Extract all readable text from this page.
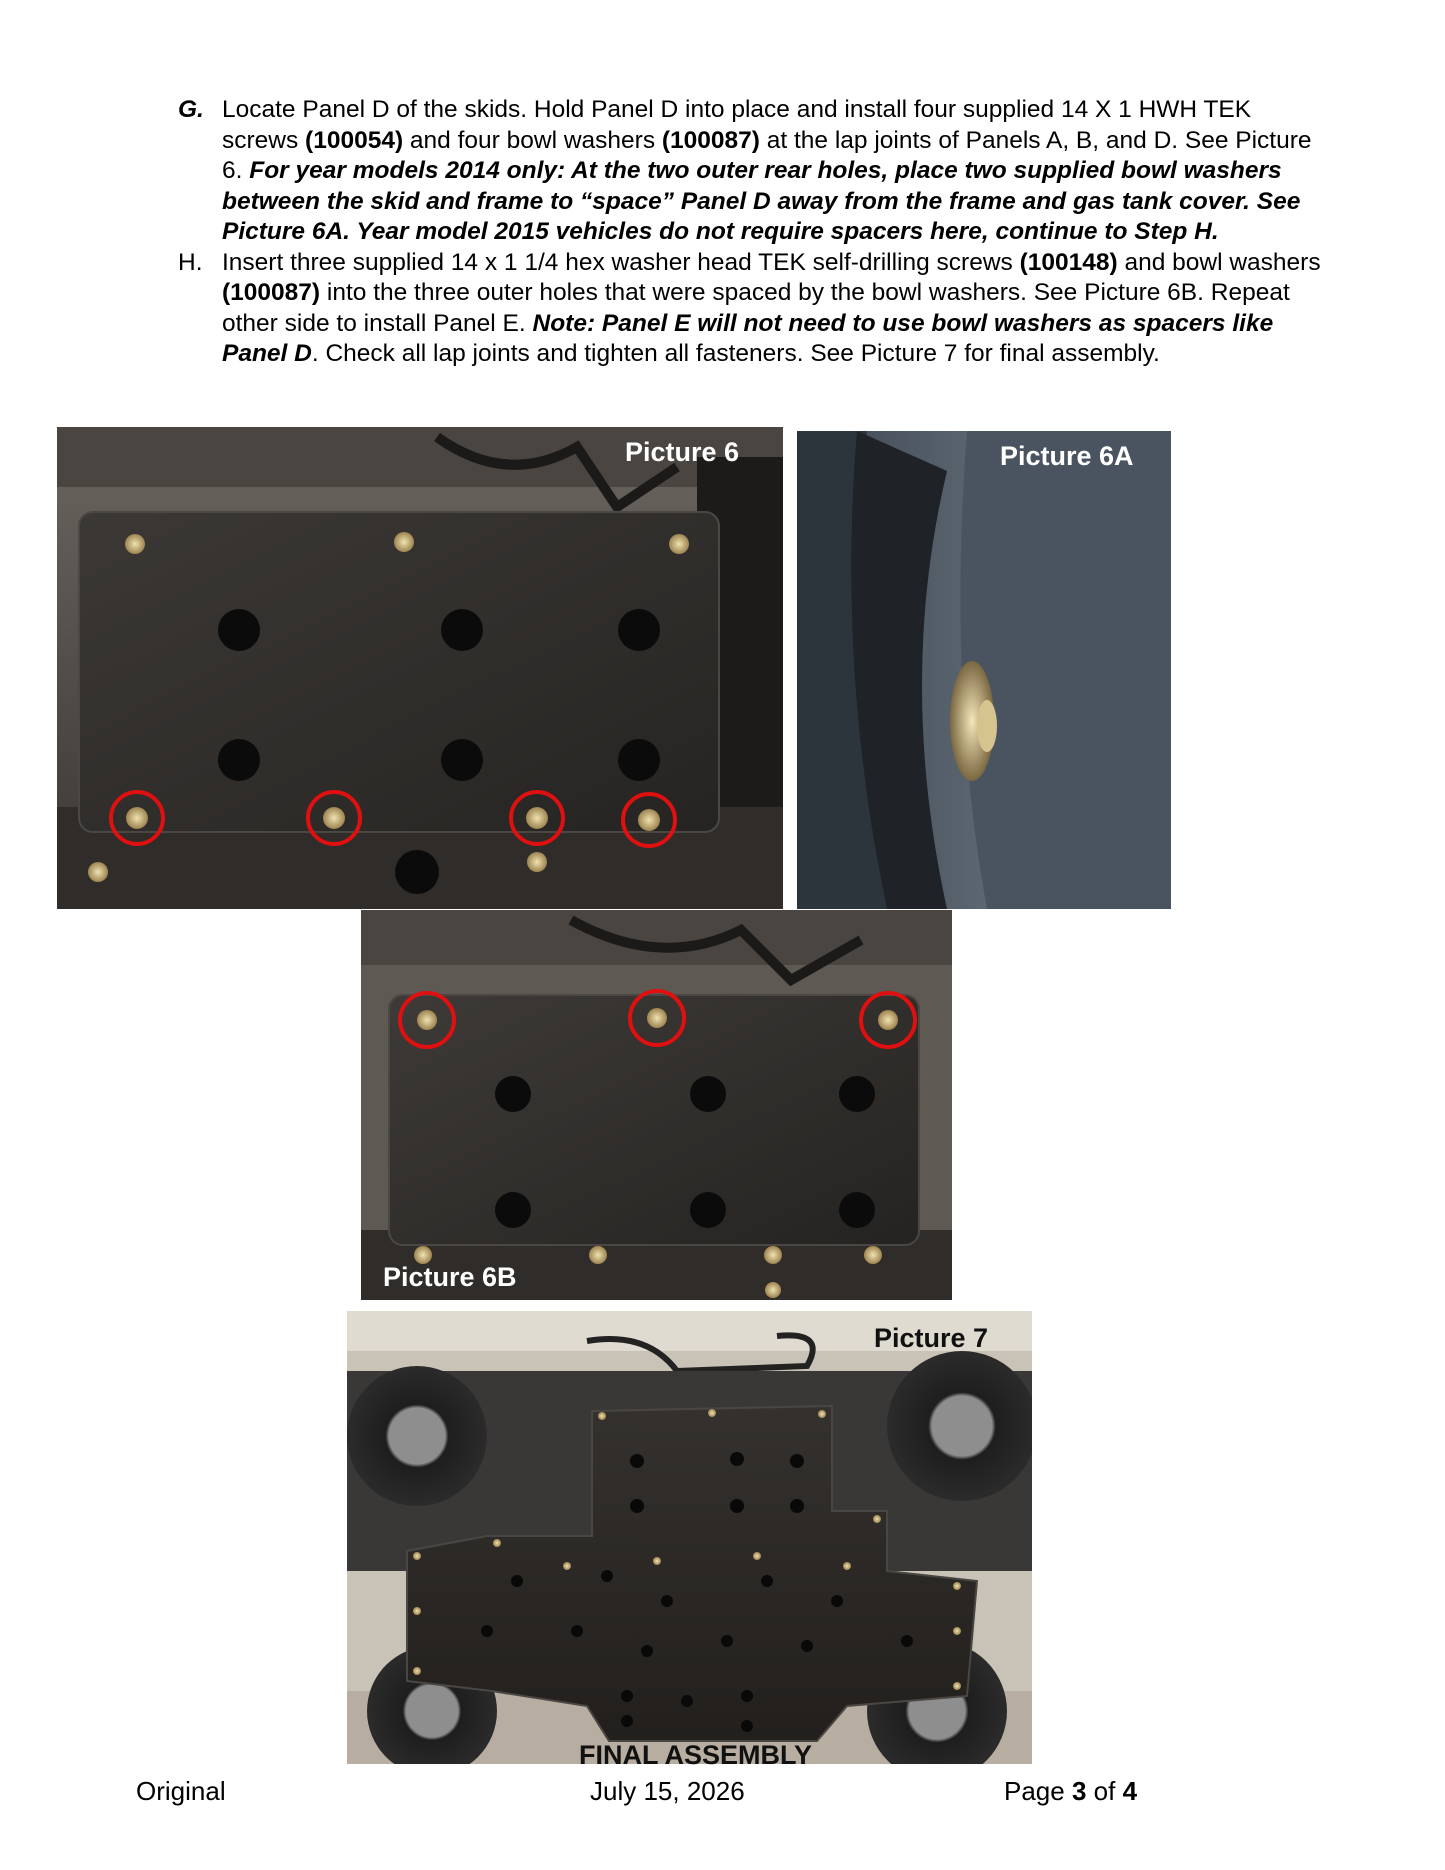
G. Locate Panel D of the skids. Hold Panel D into place and install four supplied 14 X 1 HWH TEK screws (100054) and four bowl washers (100087) at the lap joints of Panels A, B, and D. See Picture 6. For year models 2014 only: At the two outer rear holes, place two supplied bowl washers between the skid and frame to “space” Panel D away from the frame and gas tank cover. See Picture 6A. Year model 2015 vehicles do not require spacers here, continue to Step H.
H. Insert three supplied 14 x 1 1/4 hex washer head TEK self-drilling screws (100148) and bowl washers (100087) into the three outer holes that were spaced by the bowl washers. See Picture 6B. Repeat other side to install Panel E. Note: Panel E will not need to use bowl washers as spacers like Panel D. Check all lap joints and tighten all fasteners. See Picture 7 for final assembly.
Picture 6	Picture 6A
Picture 6B
Picture 7
FINAL ASSEMBLY
Original	July 15, 2026	Page 3 of 4
